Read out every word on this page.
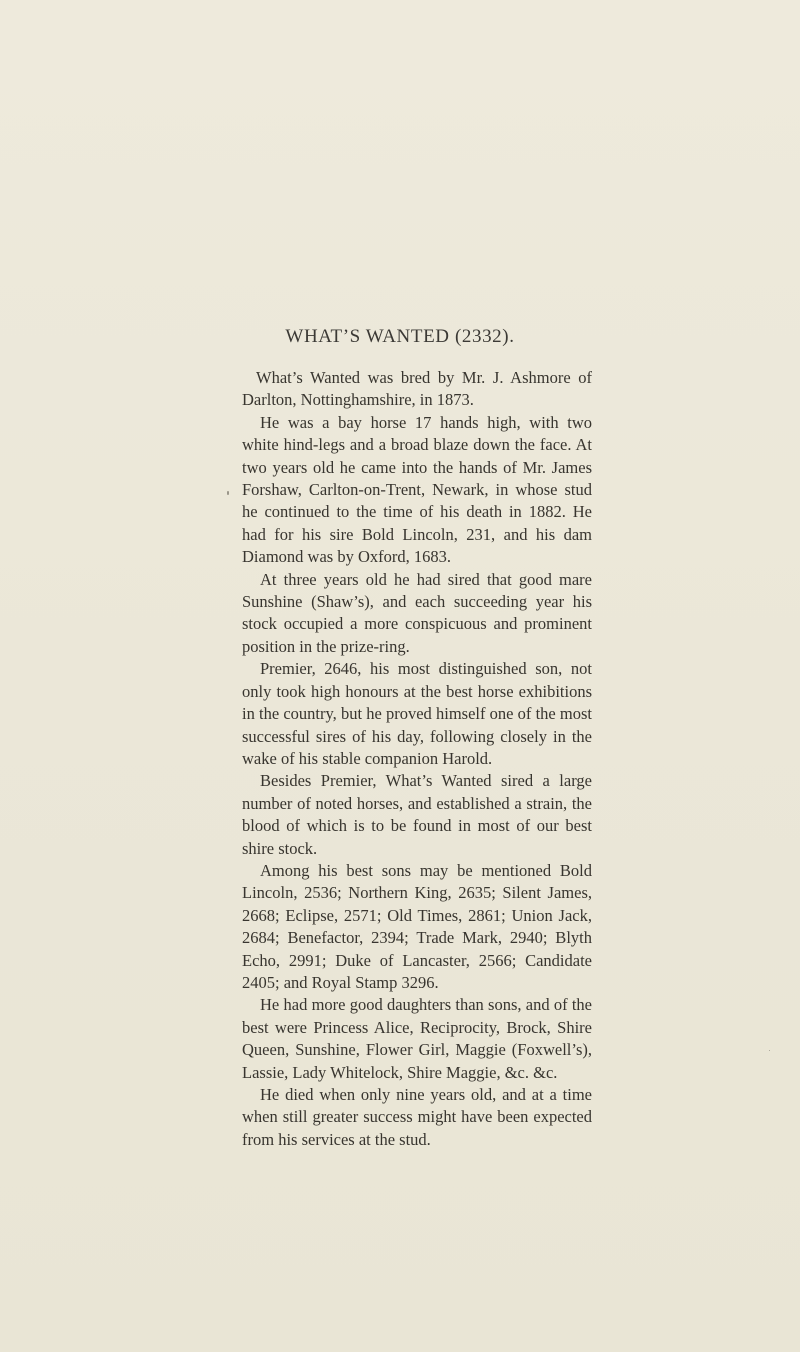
WHAT’S WANTED (2332).

What’s Wanted was bred by Mr. J. Ashmore of Darlton, Nottinghamshire, in 1873.

He was a bay horse 17 hands high, with two white hind-legs and a broad blaze down the face. At two years old he came into the hands of Mr. James Forshaw, Carlton-on-Trent, Newark, in whose stud he continued to the time of his death in 1882. He had for his sire Bold Lincoln, 231, and his dam Diamond was by Oxford, 1683.

At three years old he had sired that good mare Sunshine (Shaw’s), and each succeeding year his stock occupied a more conspicuous and prominent position in the prize-ring.

Premier, 2646, his most distinguished son, not only took high honours at the best horse exhibitions in the country, but he proved himself one of the most successful sires of his day, following closely in the wake of his stable companion Harold.

Besides Premier, What’s Wanted sired a large number of noted horses, and established a strain, the blood of which is to be found in most of our best shire stock.

Among his best sons may be mentioned Bold Lincoln, 2536; Northern King, 2635; Silent James, 2668; Eclipse, 2571; Old Times, 2861; Union Jack, 2684; Benefactor, 2394; Trade Mark, 2940; Blyth Echo, 2991; Duke of Lancaster, 2566; Candidate 2405; and Royal Stamp 3296.

He had more good daughters than sons, and of the best were Princess Alice, Reciprocity, Brock, Shire Queen, Sunshine, Flower Girl, Maggie (Foxwell’s), Lassie, Lady Whitelock, Shire Maggie, &c. &c.

He died when only nine years old, and at a time when still greater success might have been expected from his services at the stud.
